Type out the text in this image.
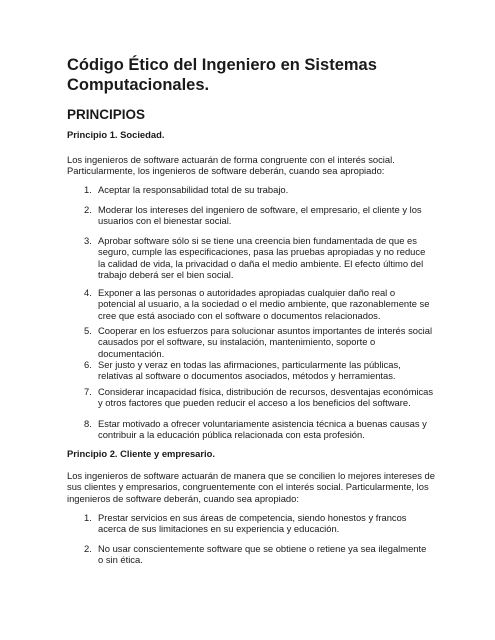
Código Ético del Ingeniero en Sistemas Computacionales.
PRINCIPIOS

Principio 1. Sociedad.

Los ingenieros de software actuarán de forma congruente con el interés social. Particularmente, los ingenieros de software deberán, cuando sea apropiado:

1. Aceptar la responsabilidad total de su trabajo.
2. Moderar los intereses del ingeniero de software, el empresario, el cliente y los usuarios con el bienestar social.
3. Aprobar software sólo si se tiene una creencia bien fundamentada de que es seguro, cumple las especificaciones, pasa las pruebas apropiadas y no reduce la calidad de vida, la privacidad o daña el medio ambiente. El efecto último del trabajo deberá ser el bien social.
4. Exponer a las personas o autoridades apropiadas cualquier daño real o potencial al usuario, a la sociedad o el medio ambiente, que razonablemente se cree que está asociado con el software o documentos relacionados.
5. Cooperar en los esfuerzos para solucionar asuntos importantes de interés social causados por el software, su instalación, mantenimiento, soporte o documentación.
6. Ser justo y veraz en todas las afirmaciones, particularmente las públicas, relativas al software o documentos asociados, métodos y herramientas.
7. Considerar incapacidad física, distribución de recursos, desventajas económicas y otros factores que pueden reducir el acceso a los beneficios del software.
8. Estar motivado a ofrecer voluntariamente asistencia técnica a buenas causas y contribuir a la educación pública relacionada con esta profesión.

Principio 2. Cliente y empresario.

Los ingenieros de software actuarán de manera que se concilien lo mejores intereses de sus clientes y empresarios, congruentemente con el interés social. Particularmente, los ingenieros de software deberán, cuando sea apropiado:

1. Prestar servicios en sus áreas de competencia, siendo honestos y francos acerca de sus limitaciones en su experiencia y educación.
2. No usar conscientemente software que se obtiene o retiene ya sea ilegalmente o sin ética.
